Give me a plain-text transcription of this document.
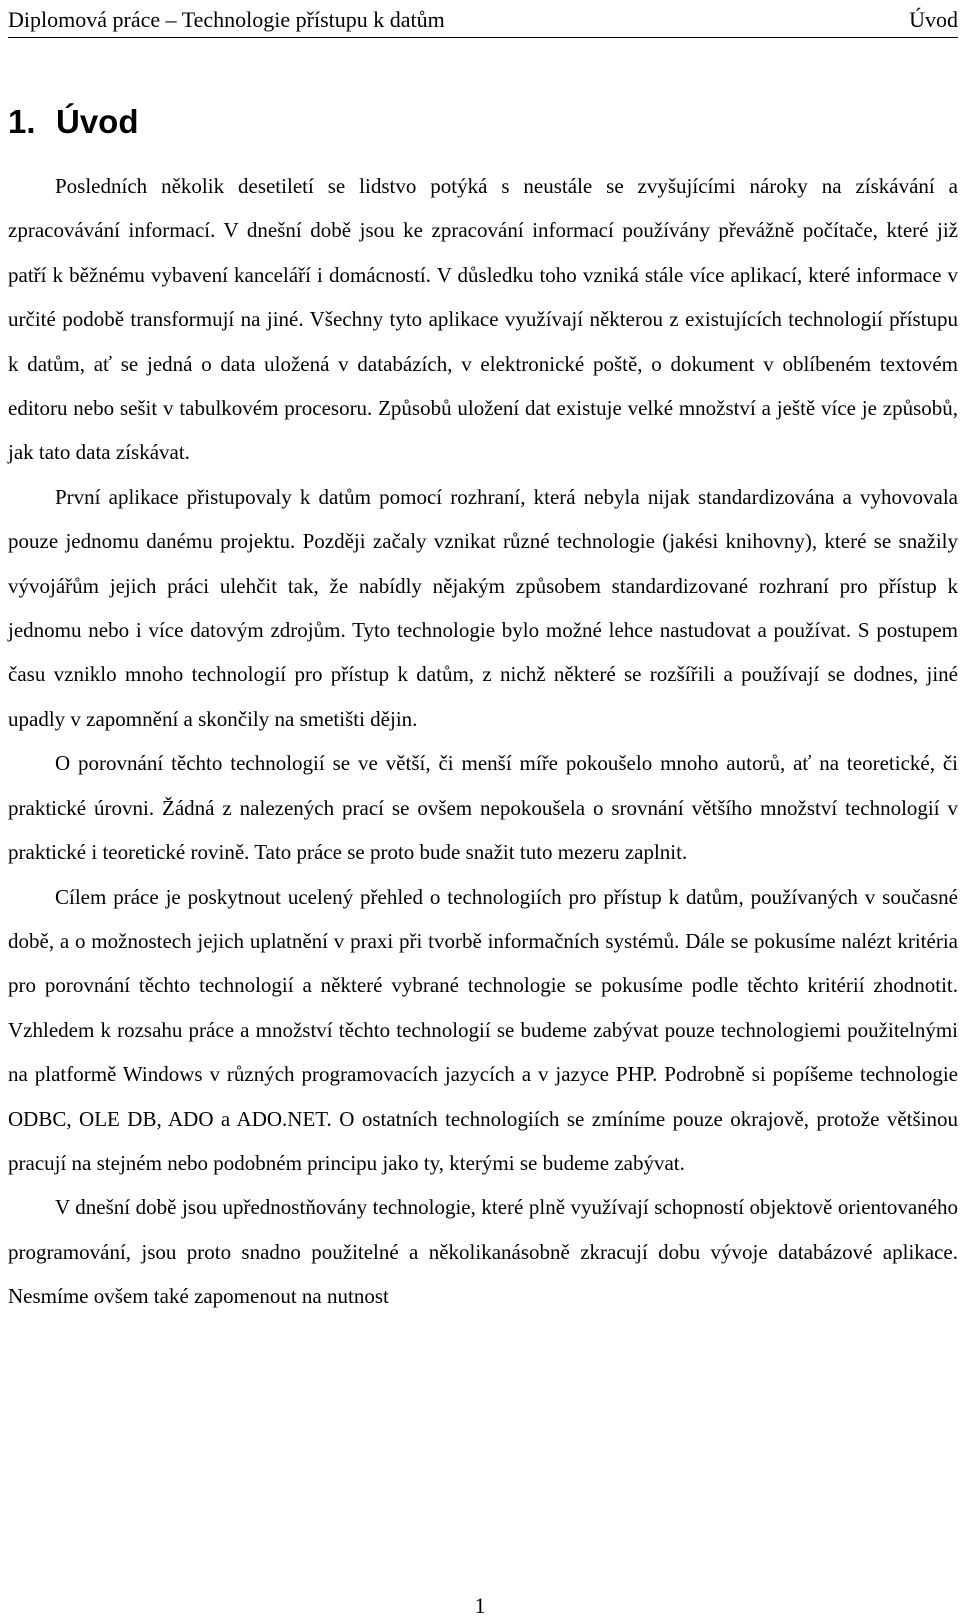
Diplomová práce – Technologie přístupu k datům	Úvod
1. Úvod

Posledních několik desetiletí se lidstvo potýká s neustále se zvyšujícími nároky na získávání a zpracovávání informací. V dnešní době jsou ke zpracování informací používány převážně počítače, které již patří k běžnému vybavení kanceláří i domácností. V důsledku toho vzniká stále více aplikací, které informace v určité podobě transformují na jiné. Všechny tyto aplikace využívají některou z existujících technologií přístupu k datům, ať se jedná o data uložená v databázích, v elektronické poště, o dokument v oblíbeném textovém editoru nebo sešit v tabulkovém procesoru. Způsobů uložení dat existuje velké množství a ještě více je způsobů, jak tato data získávat.

První aplikace přistupovaly k datům pomocí rozhraní, která nebyla nijak standardizována a vyhovovala pouze jednomu danému projektu. Později začaly vznikat různé technologie (jakési knihovny), které se snažily vývojářům jejich práci ulehčit tak, že nabídly nějakým způsobem standardizované rozhraní pro přístup k jednomu nebo i více datovým zdrojům. Tyto technologie bylo možné lehce nastudovat a používat. S postupem času vzniklo mnoho technologií pro přístup k datům, z nichž některé se rozšířili a používají se dodnes, jiné upadly v zapomnění a skončily na smetišti dějin.

O porovnání těchto technologií se ve větší, či menší míře pokoušelo mnoho autorů, ať na teoretické, či praktické úrovni. Žádná z nalezených prací se ovšem nepokoušela o srovnání většího množství technologií v praktické i teoretické rovině. Tato práce se proto bude snažit tuto mezeru zaplnit.

Cílem práce je poskytnout ucelený přehled o technologiích pro přístup k datům, používaných v současné době, a o možnostech jejich uplatnění v praxi při tvorbě informačních systémů. Dále se pokusíme nalézt kritéria pro porovnání těchto technologií a některé vybrané technologie se pokusíme podle těchto kritérií zhodnotit. Vzhledem k rozsahu práce a množství těchto technologií se budeme zabývat pouze technologiemi použitelnými na platformě Windows v různých programovacích jazycích a v jazyce PHP. Podrobně si popíšeme technologie ODBC, OLE DB, ADO a ADO.NET. O ostatních technologiích se zmíníme pouze okrajově, protože většinou pracují na stejném nebo podobném principu jako ty, kterými se budeme zabývat.

V dnešní době jsou upřednostňovány technologie, které plně využívají schopností objektově orientovaného programování, jsou proto snadno použitelné a několikanásobně zkracují dobu vývoje databázové aplikace. Nesmíme ovšem také zapomenout na nutnost

1
